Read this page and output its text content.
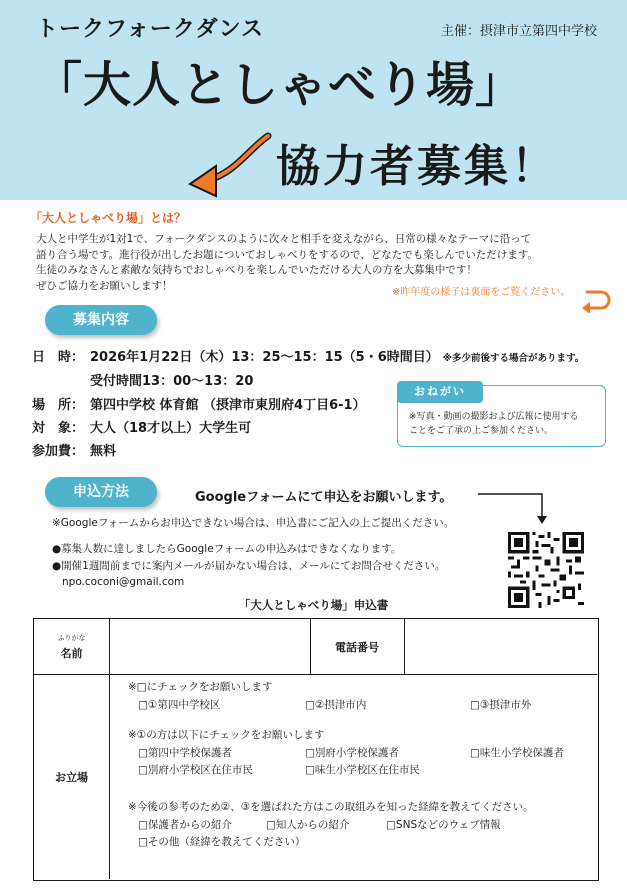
トークフォークダンス	主催：摂津市立第四中学校
「大人としゃべり場」
協力者募集！
「大人としゃべり場」とは？

大人と中学生が1対1で、フォークダンスのように次々と相手を変えながら、日常の様々なテーマに沿って

語り合う場です。進行役が出したお題についておしゃべりをするので、どなたでも楽しんでいただけます。

生徒のみなさんと素敵な気持ちでおしゃべりを楽しんでいただける大人の方を大募集中です！

ぜひご協力をお願いします！

※昨年度の様子は裏面をご覧ください。
募集内容
日　時： 2026年1月22日（木）13：25〜15：15（5・6時間目） ※多少前後する場合があります。
受付時間13：00〜13：20
場　所： 第四中学校 体育館 （摂津市東別府4丁目6-1）
対　象： 大人（18才以上）大学生可
参加費： 無料
おねがい

※写真・動画の撮影および広報に使用する

ことをご了承の上ご参加ください。

申込方法	Googleフォームにて申込をお願いします。
※Googleフォームからお申込できない場合は、申込書にご記入の上ご提出ください。

●募集人数に達しましたらGoogleフォームの申込みはできなくなります。

●開催1週間前までに案内メールが届かない場合は、メールにてお問合せください。

npo.coconi@gmail.com
「大人としゃべり場」申込書
ふりがな
名前	電話番号
お立場
※□にチェックをお願いします
□①第四中学校区	□②摂津市内	□③摂津市外
※①の方は以下にチェックをお願いします
□第四中学校保護者	□別府小学校保護者	□味生小学校保護者
□別府小学校区在住市民	□味生小学校区在住市民
※今後の参考のため②、③を選ばれた方はこの取組みを知った経緯を教えてください。
□保護者からの紹介	□知人からの紹介	□SNSなどのウェブ情報
□その他（経緯を教えてください）
